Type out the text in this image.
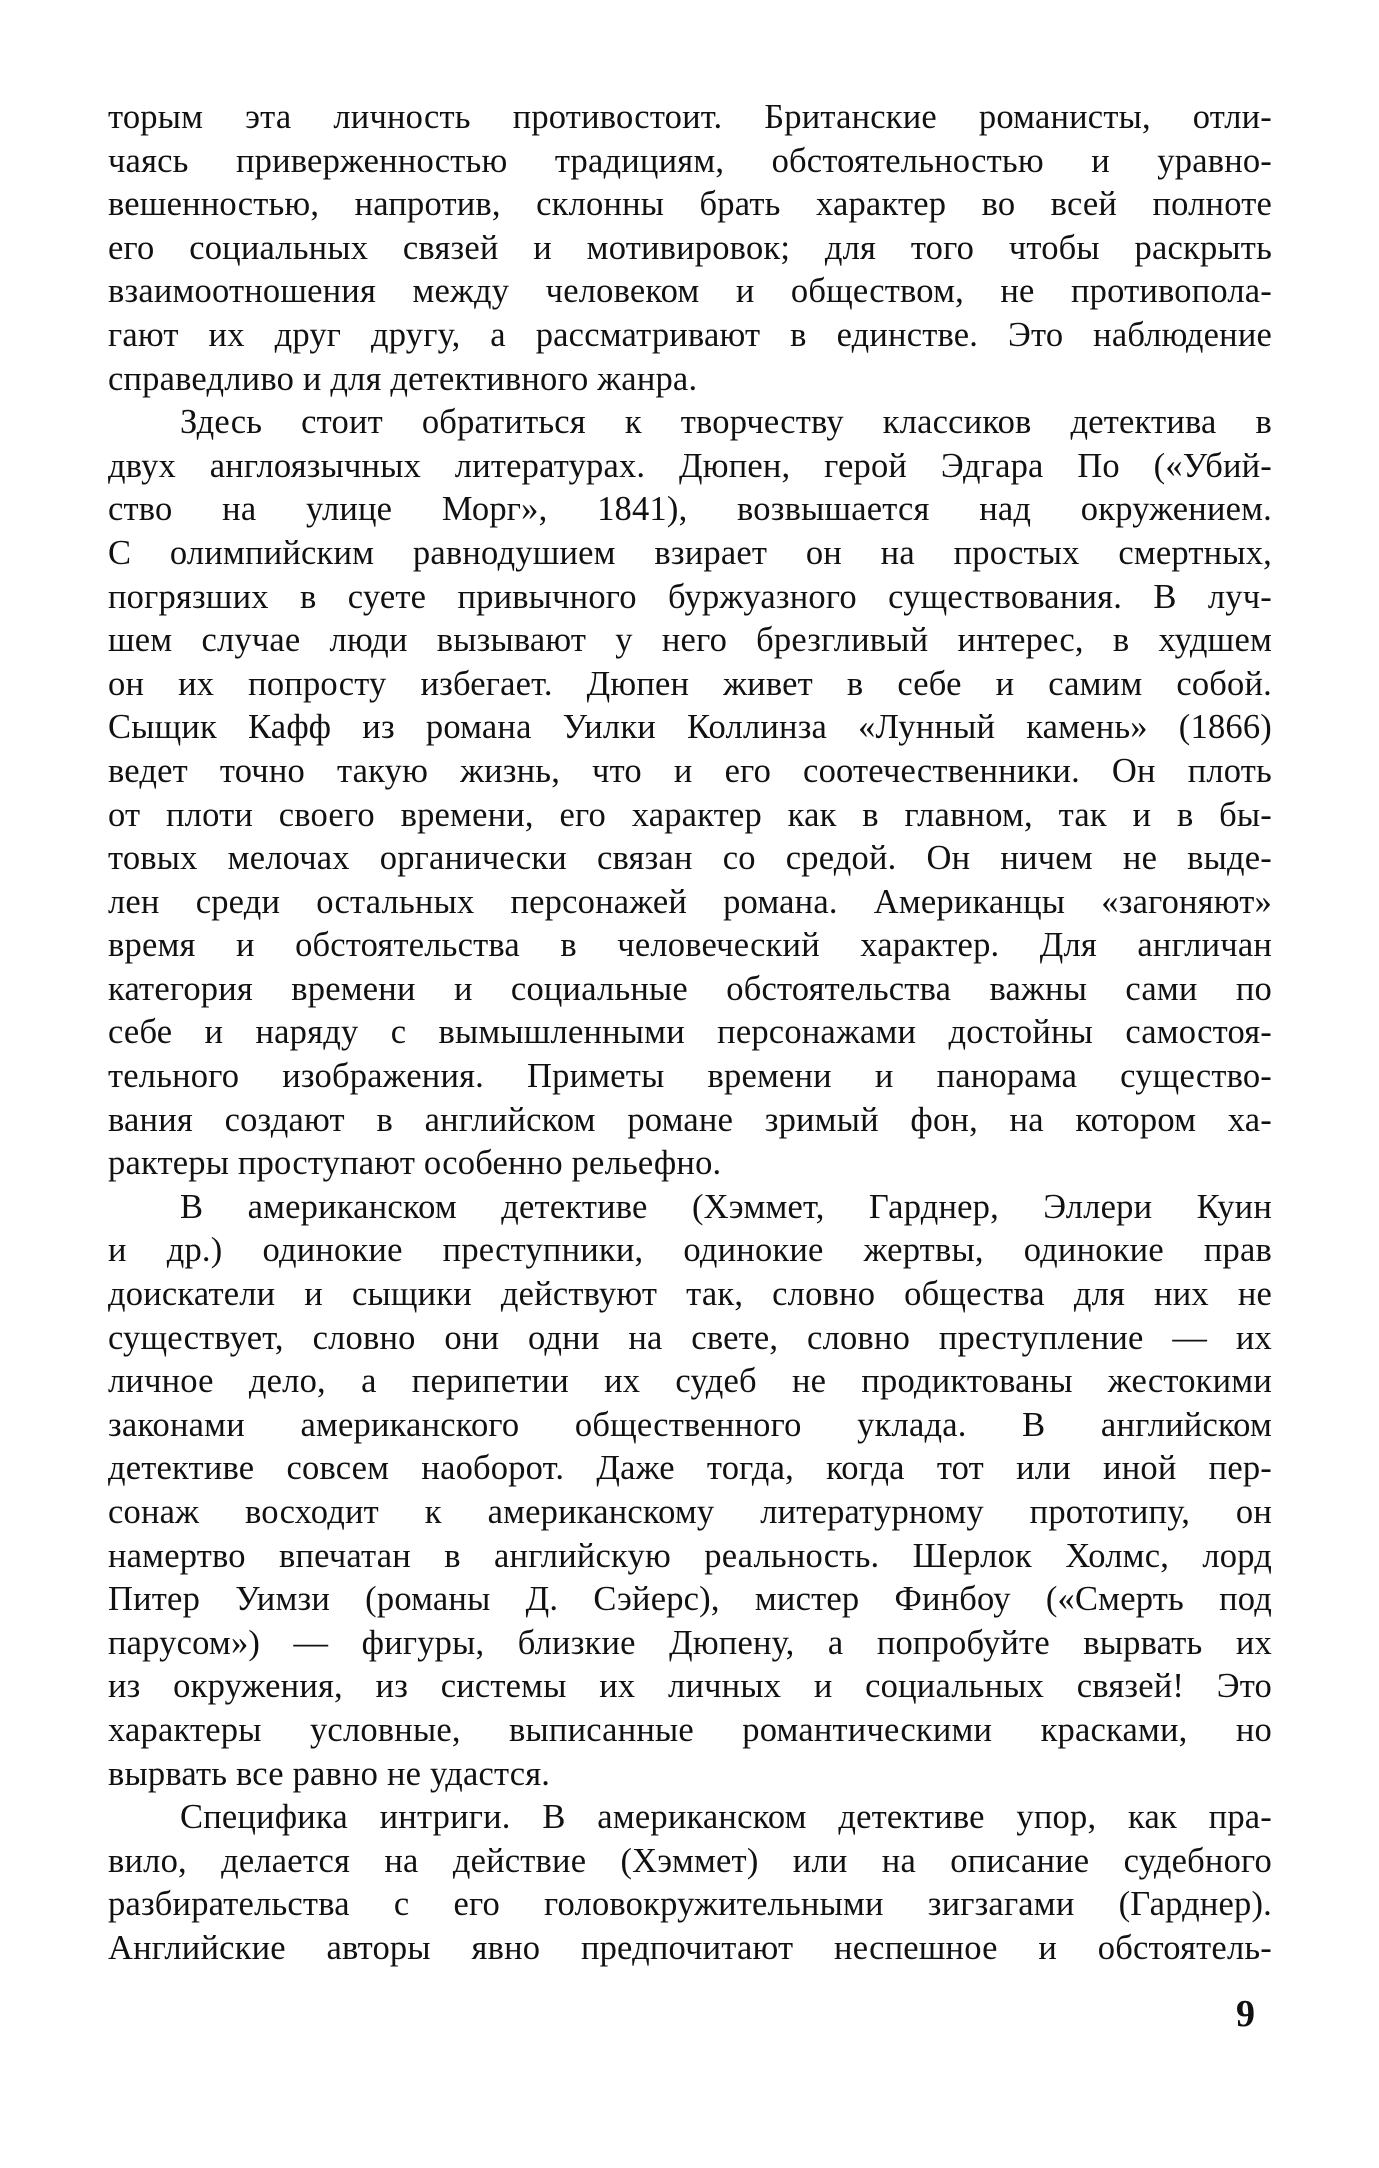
торым эта личность противостоит. Британские романисты, отли-
чаясь приверженностью традициям, обстоятельностью и уравно-
вешенностью, напротив, склонны брать характер во всей полноте
его социальных связей и мотивировок; для того чтобы раскрыть
взаимоотношения между человеком и обществом, не противопола-
гают их друг другу, а рассматривают в единстве. Это наблюдение
справедливо и для детективного жанра.
Здесь стоит обратиться к творчеству классиков детектива в
двух англоязычных литературах. Дюпен, герой Эдгара По («Убий-
ство на улице Морг», 1841), возвышается над окружением.
С олимпийским равнодушием взирает он на простых смертных,
погрязших в суете привычного буржуазного существования. В луч-
шем случае люди вызывают у него брезгливый интерес, в худшем
он их попросту избегает. Дюпен живет в себе и самим собой.
Сыщик Кафф из романа Уилки Коллинза «Лунный камень» (1866)
ведет точно такую жизнь, что и его соотечественники. Он плоть
от плоти своего времени, его характер как в главном, так и в бы-
товых мелочах органически связан со средой. Он ничем не выде-
лен среди остальных персонажей романа. Американцы «загоняют»
время и обстоятельства в человеческий характер. Для англичан
категория времени и социальные обстоятельства важны сами по
себе и наряду с вымышленными персонажами достойны самостоя-
тельного изображения. Приметы времени и панорама существо-
вания создают в английском романе зримый фон, на котором ха-
рактеры проступают особенно рельефно.
В американском детективе (Хэммет, Гарднер, Эллери Куин
и др.) одинокие преступники, одинокие жертвы, одинокие прав
доискатели и сыщики действуют так, словно общества для них не
существует, словно они одни на свете, словно преступление — их
личное дело, а перипетии их судеб не продиктованы жестокими
законами американского общественного уклада. В английском
детективе совсем наоборот. Даже тогда, когда тот или иной пер-
сонаж восходит к американскому литературному прототипу, он
намертво впечатан в английскую реальность. Шерлок Холмс, лорд
Питер Уимзи (романы Д. Сэйерс), мистер Финбоу («Смерть под
парусом») — фигуры, близкие Дюпену, а попробуйте вырвать их
из окружения, из системы их личных и социальных связей! Это
характеры условные, выписанные романтическими красками, но
вырвать все равно не удастся.
Специфика интриги. В американском детективе упор, как пра-
вило, делается на действие (Хэммет) или на описание судебного
разбирательства с его головокружительными зигзагами (Гарднер).
Английские авторы явно предпочитают неспешное и обстоятель-
9
